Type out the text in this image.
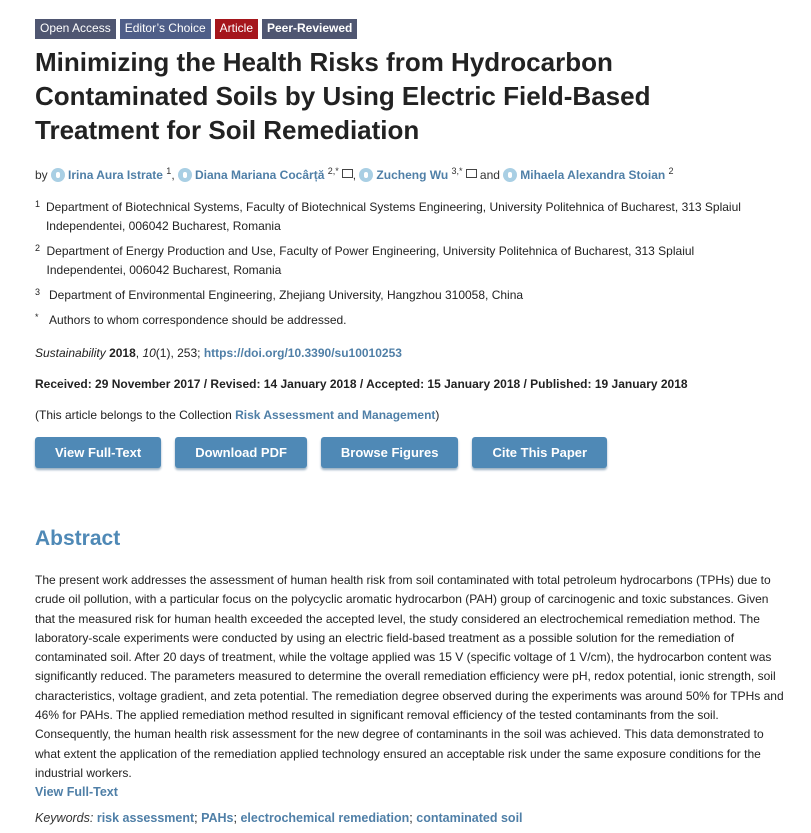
Open Access	Editor’s Choice	Article	Peer-Reviewed
Minimizing the Health Risks from Hydrocarbon Contaminated Soils by Using Electric Field-Based Treatment for Soil Remediation
by Irina Aura Istrate $^1$, Diana Mariana Cocârță $^{2,*}$ , Zucheng Wu $^{3,*}$ and Mihaela Alexandra Stoian $^2$
1 Department of Biotechnical Systems, Faculty of Biotechnical Systems Engineering, University Politehnica of Bucharest, 313 Splaiul Independentei, 006042 Bucharest, Romania
2 Department of Energy Production and Use, Faculty of Power Engineering, University Politehnica of Bucharest, 313 Splaiul Independentei, 006042 Bucharest, Romania
3 Department of Environmental Engineering, Zhejiang University, Hangzhou 310058, China
* Authors to whom correspondence should be addressed.
Sustainability 2018, 10(1), 253; https://doi.org/10.3390/su10010253
Received: 29 November 2017 / Revised: 14 January 2018 / Accepted: 15 January 2018 / Published: 19 January 2018
(This article belongs to the Collection Risk Assessment and Management)
View Full-Text	Download PDF	Browse Figures	Cite This Paper
Abstract
The present work addresses the assessment of human health risk from soil contaminated with total petroleum hydrocarbons (TPHs) due to crude oil pollution, with a particular focus on the polycyclic aromatic hydrocarbon (PAH) group of carcinogenic and toxic substances. Given that the measured risk for human health exceeded the accepted level, the study considered an electrochemical remediation method. The laboratory-scale experiments were conducted by using an electric field-based treatment as a possible solution for the remediation of contaminated soil. After 20 days of treatment, while the voltage applied was 15 V (specific voltage of 1 V/cm), the hydrocarbon content was significantly reduced. The parameters measured to determine the overall remediation efficiency were pH, redox potential, ionic strength, soil characteristics, voltage gradient, and zeta potential. The remediation degree observed during the experiments was around 50% for TPHs and 46% for PAHs. The applied remediation method resulted in significant removal efficiency of the tested contaminants from the soil. Consequently, the human health risk assessment for the new degree of contaminants in the soil was achieved. This data demonstrated to what extent the application of the remediation applied technology ensured an acceptable risk under the same exposure conditions for the industrial workers.
View Full-Text
Keywords: risk assessment; PAHs; electrochemical remediation; contaminated soil
